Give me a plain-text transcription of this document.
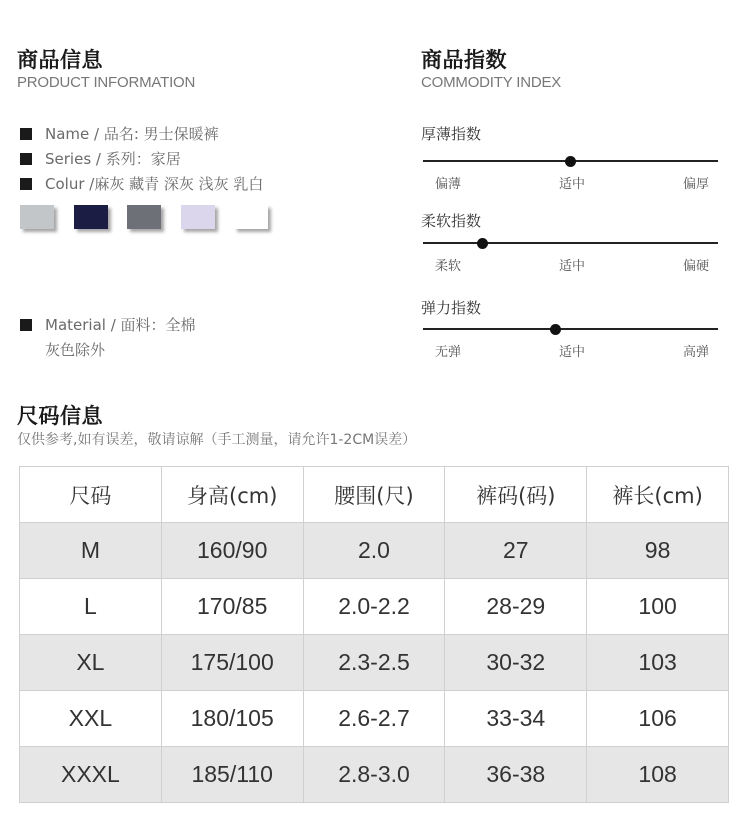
商品信息
PRODUCT INFORMATION
Name / 品名: 男士保暖裤
Series / 系列：家居
Colur /麻灰 藏青 深灰 浅灰 乳白
Material / 面料：全棉
灰色除外
商品指数
COMMODITY INDEX
厚薄指数
偏薄	适中	偏厚
柔软指数
柔软	适中	偏硬
弹力指数
无弹	适中	高弹
尺码信息
仅供参考,如有误差，敬请谅解（手工测量，请允许1-2CM误差）
尺码	身高(cm)	腰围(尺)	裤码(码)	裤长(cm)
M	160/90	2.0	27	98
L	170/85	2.0-2.2	28-29	100
XL	175/100	2.3-2.5	30-32	103
XXL	180/105	2.6-2.7	33-34	106
XXXL	185/110	2.8-3.0	36-38	108
